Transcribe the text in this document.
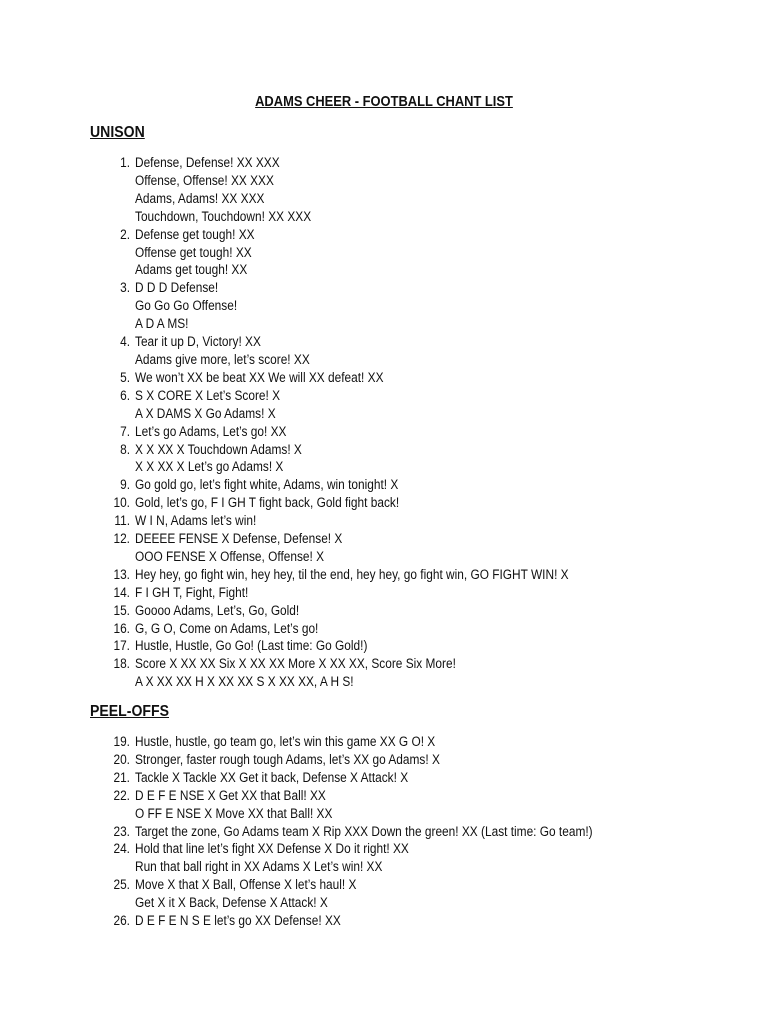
ADAMS CHEER - FOOTBALL CHANT LIST
UNISON
1. Defense, Defense! XX XXX
Offense, Offense! XX XXX
Adams, Adams! XX XXX
Touchdown, Touchdown! XX XXX
2. Defense get tough! XX
Offense get tough! XX
Adams get tough! XX
3. D D D Defense!
Go Go Go Offense!
A D A MS!
4. Tear it up D, Victory! XX
Adams give more, let’s score! XX
5. We won’t XX be beat XX We will XX defeat! XX
6. S X CORE X Let’s Score! X
A X DAMS X Go Adams! X
7. Let’s go Adams, Let’s go! XX
8. X X XX X Touchdown Adams! X
X X XX X Let’s go Adams! X
9. Go gold go, let’s fight white, Adams, win tonight! X
10. Gold, let’s go, F I GH T fight back, Gold fight back!
11. W I N, Adams let’s win!
12. DEEEE FENSE X Defense, Defense! X
OOO FENSE X Offense, Offense! X
13. Hey hey, go fight win, hey hey, til the end, hey hey, go fight win, GO FIGHT WIN! X
14. F I GH T, Fight, Fight!
15. Goooo Adams, Let’s, Go, Gold!
16. G, G O, Come on Adams, Let’s go!
17. Hustle, Hustle, Go Go! (Last time: Go Gold!)
18. Score X XX XX Six X XX XX More X XX XX, Score Six More!
A X XX XX H X XX XX S X XX XX, A H S!
PEEL-OFFS
19. Hustle, hustle, go team go, let’s win this game XX G O! X
20. Stronger, faster rough tough Adams, let’s XX go Adams! X
21. Tackle X Tackle XX Get it back, Defense X Attack! X
22. D E F E NSE X Get XX that Ball! XX
O FF E NSE X Move XX that Ball! XX
23. Target the zone, Go Adams team X Rip XXX Down the green! XX (Last time: Go team!)
24. Hold that line let’s fight XX Defense X Do it right! XX
Run that ball right in XX Adams X Let’s win! XX
25. Move X that X Ball, Offense X let’s haul! X
Get X it X Back, Defense X Attack! X
26. D E F E N S E let’s go XX Defense! XX
